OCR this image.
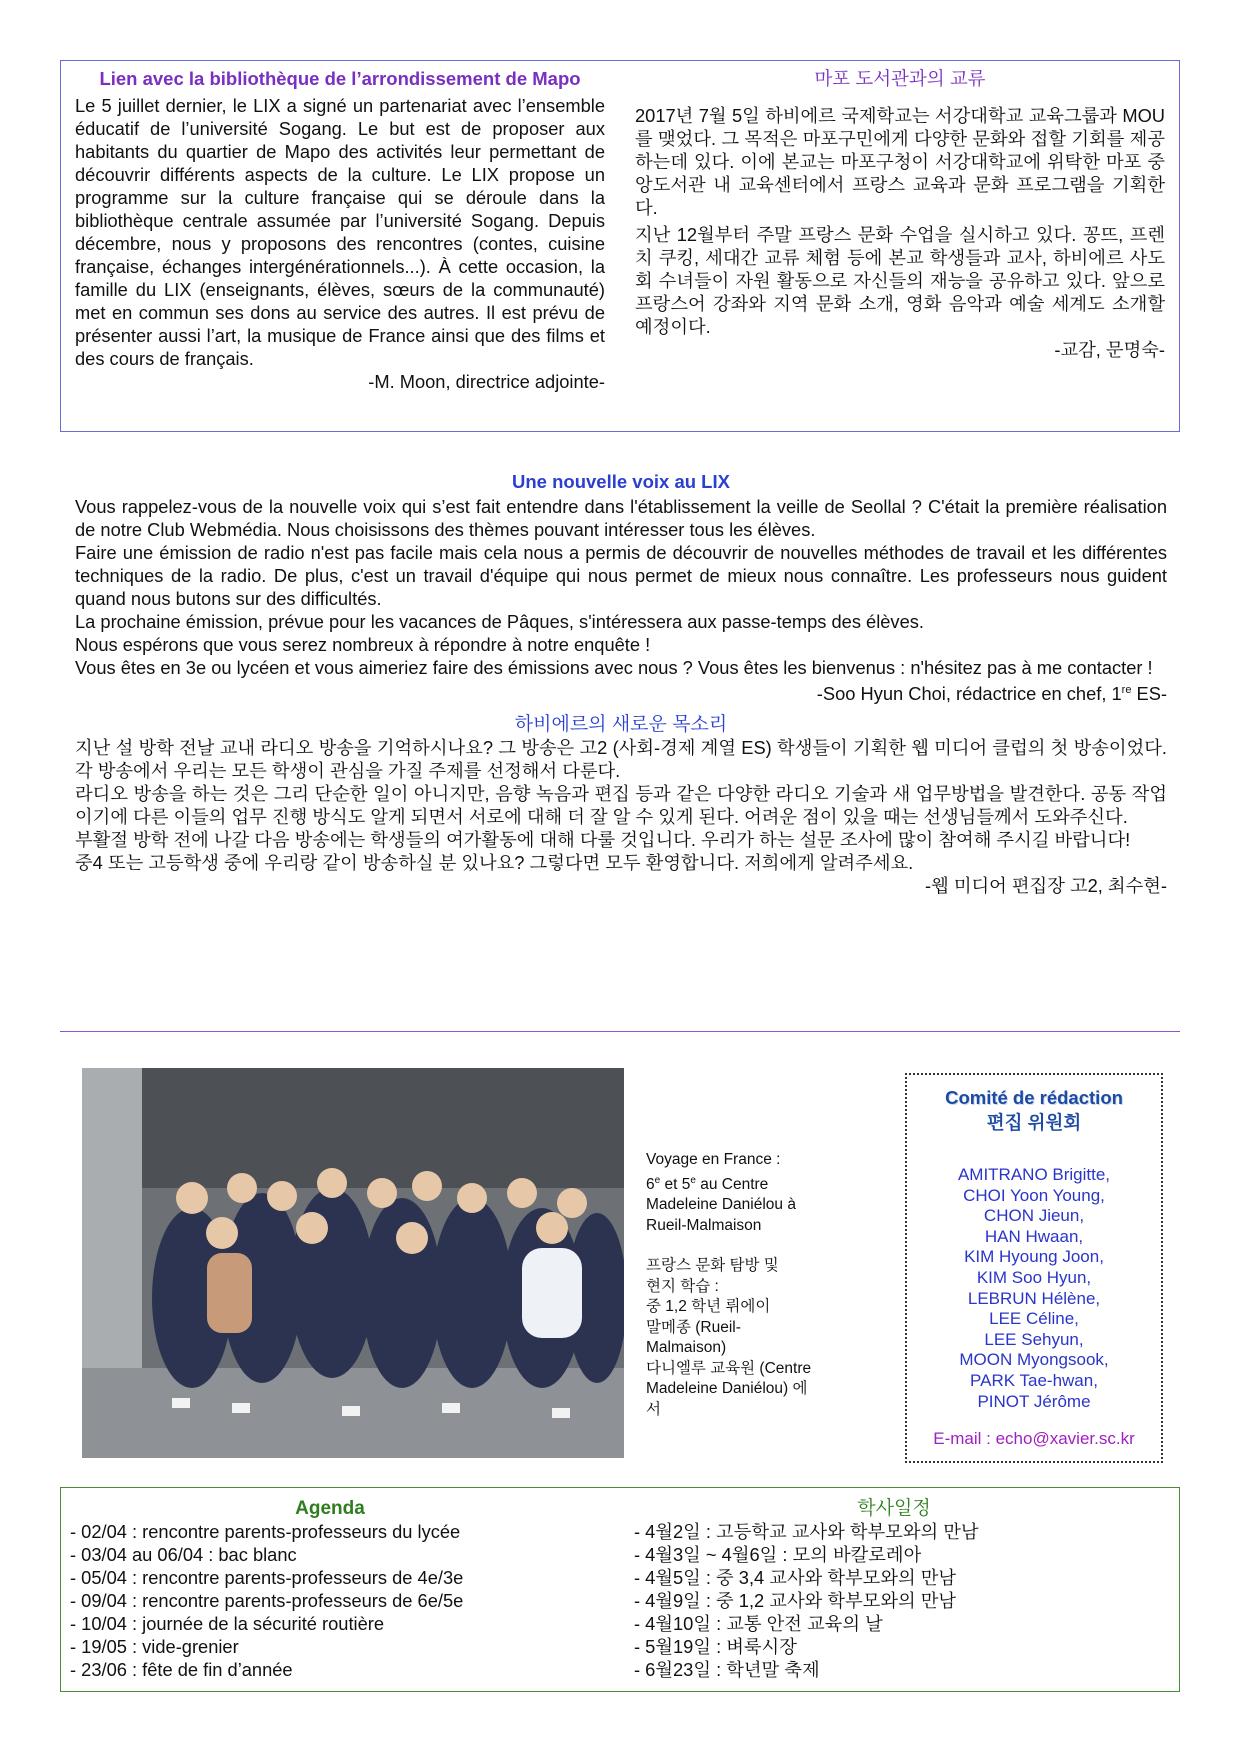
Lien avec la bibliothèque de l’arrondissement de Mapo

Le 5 juillet dernier, le LIX a signé un partenariat avec l’ensemble éducatif de l’université Sogang. Le but est de proposer aux habitants du quartier de Mapo des activités leur permettant de découvrir différents aspects de la culture. Le LIX propose un programme sur la culture française qui se déroule dans la bibliothèque centrale assumée par l’université Sogang. Depuis décembre, nous y proposons des rencontres (contes, cuisine française, échanges intergénérationnels...). À cette occasion, la famille du LIX (enseignants, élèves, sœurs de la communauté) met en commun ses dons au service des autres. Il est prévu de présenter aussi l’art, la musique de France ainsi que des films et des cours de français.

-M. Moon, directrice adjointe-
마포 도서관과의 교류

2017년 7월 5일 하비에르 국제학교는 서강대학교 교육그룹과 MOU를 맺었다. 그 목적은 마포구민에게 다양한 문화와 접할 기회를 제공하는데 있다. 이에 본교는 마포구청이 서강대학교에 위탁한 마포 중앙도서관 내 교육센터에서 프랑스 교육과 문화 프로그램을 기획한다.

지난 12월부터 주말 프랑스 문화 수업을 실시하고 있다. 꽁뜨, 프렌치 쿠킹, 세대간 교류 체험 등에 본교 학생들과 교사, 하비에르 사도회 수녀들이 자원 활동으로 자신들의 재능을 공유하고 있다. 앞으로 프랑스어 강좌와 지역 문화 소개, 영화 음악과 예술 세계도 소개할 예정이다.

-교감, 문명숙-
Une nouvelle voix au LIX

Vous rappelez-vous de la nouvelle voix qui s’est fait entendre dans l'établissement la veille de Seollal ? C'était la première réalisation de notre Club Webmédia. Nous choisissons des thèmes pouvant intéresser tous les élèves.

Faire une émission de radio n'est pas facile mais cela nous a permis de découvrir de nouvelles méthodes de travail et les différentes techniques de la radio. De plus, c'est un travail d'équipe qui nous permet de mieux nous connaître. Les professeurs nous guident quand nous butons sur des difficultés.

La prochaine émission, prévue pour les vacances de Pâques, s'intéressera aux passe-temps des élèves.

Nous espérons que vous serez nombreux à répondre à notre enquête !

Vous êtes en 3e ou lycéen et vous aimeriez faire des émissions avec nous ? Vous êtes les bienvenus : n'hésitez pas à me contacter !

-Soo Hyun Choi, rédactrice en chef, 1re ES-
하비에르의 새로운 목소리

지난 설 방학 전날 교내 라디오 방송을 기억하시나요? 그 방송은 고2 (사회-경제 계열 ES) 학생들이 기획한 웹 미디어 클럽의 첫 방송이었다. 각 방송에서 우리는 모든 학생이 관심을 가질 주제를 선정해서 다룬다.

라디오 방송을 하는 것은 그리 단순한 일이 아니지만, 음향 녹음과 편집 등과 같은 다양한 라디오 기술과 새 업무방법을 발견한다. 공동 작업이기에 다른 이들의 업무 진행 방식도 알게 되면서 서로에 대해 더 잘 알 수 있게 된다. 어려운 점이 있을 때는 선생님들께서 도와주신다.

부활절 방학 전에 나갈 다음 방송에는 학생들의 여가활동에 대해 다룰 것입니다. 우리가 하는 설문 조사에 많이 참여해 주시길 바랍니다!

중4 또는 고등학생 중에 우리랑 같이 방송하실 분 있나요? 그렇다면 모두 환영합니다. 저희에게 알려주세요.

-웹 미디어 편집장 고2, 최수현-
Voyage en France :
6e et 5e au Centre
Madeleine Daniélou à
Rueil-Malmaison
프랑스 문화 탐방 및
현지 학습 :
중 1,2 학년 뤼에이
말메종 (Rueil-Malmaison)
다니엘루 교육원 (Centre
Madeleine Daniélou) 에서
Comité de rédaction
편집 위원회
AMITRANO Brigitte,
CHOI Yoon Young,
CHON Jieun,
HAN Hwaan,
KIM Hyoung Joon,
KIM Soo Hyun,
LEBRUN Hélène,
LEE Céline,
LEE Sehyun,
MOON Myongsook,
PARK Tae-hwan,
PINOT Jérôme
E-mail : echo@xavier.sc.kr
Agenda
- 02/04 : rencontre parents-professeurs du lycée
- 03/04 au 06/04 : bac blanc
- 05/04 : rencontre parents-professeurs de 4e/3e
- 09/04 : rencontre parents-professeurs de 6e/5e
- 10/04 : journée de la sécurité routière
- 19/05 : vide-grenier
- 23/06 : fête de fin d’année
학사일정
- 4월2일 : 고등학교 교사와 학부모와의 만남
- 4월3일 ~ 4월6일 : 모의 바칼로레아
- 4월5일 : 중 3,4 교사와 학부모와의 만남
- 4월9일 : 중 1,2 교사와 학부모와의 만남
- 4월10일 : 교통 안전 교육의 날
- 5월19일 : 벼룩시장
- 6월23일 : 학년말 축제
